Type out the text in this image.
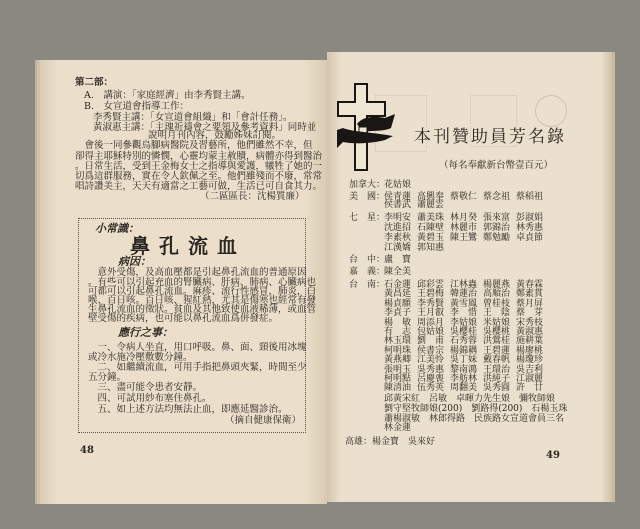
第二部：
A.　講演：「家庭經濟」由李秀賢主講。
B.　女宣道會指導工作：
李秀賢主講：「女宣道會組織」和「會計任務」。
黃淑惠主講：「主瑰祈禱會之要領及參考資料」同時並
說明月刊內容，鼓勵姊妹訂閱。
　會後一同參觀烏腳病醫院及習藝所，他們雖然不幸，但
卻得主耶穌特別的憐憫，心靈均蒙主赦贖，病體亦得到醫治
。日常生活，受到王金梅女士之指導與愛護，犧牲了她的一
切爲這群服務，實在令人欽佩之至。他們雖殘而不廢，常常
唱詩讚美主，天天有適當之工藝可做，生活已可自食其力。
（二區區長：沈楊質廉）
小常識：
鼻孔流血
病因：
　意外受傷，及高血壓都是引起鼻孔流血的普通原因
。有些可以引起充血的腎臟病、肝病、肺病、心臟病也
可都可以引起鼻孔流血。麻疹、流行性感冒，肺炎，白
喉、百日咳。百日咳、猩紅熱，尤其是傷寒也經常有發
生鼻孔流血的徵狀。貧血及其他致使血液稀薄，或血管
壁受傷的疾病，也可能以鼻孔流血爲併發症。
應行之事：
　一、令病人坐直，用口呼吸。鼻、面、頸後用冰塊
或冷水施冷壓敷數分鐘。
　二、如繼續流血，可用手指把鼻頭夾緊，時間至少
五分鐘。
　三、盡可能令患者安靜。
　四、可試用紗布塞住鼻孔。
　五、如上述方法均無法止血，即應延醫診治。
（摘自健康保衛）
48
本刊贊助員芳名錄
（每名奉獻新台幣壹百元）
加拿大：
花姑娘
美　國：
侯青蓮 高興奉 蔡敬仁 蔡念祖 蔡稻祖
侯書武 蕭麗雲
七　星：
李明安 蕭美珠 林月癸 張來富 彭淑娟
沈進招 石陳壁 林麗市 郭錦治 林秀惠
李素秋 黃碧玉 陳王鸞 鄭勉勵 卓貞節
江漢嬌 郭知惠
台　中：
盧　寶
嘉　義：
陳全美
台　南：
石金蓮 邱彩雲 江林蟲 楊麗燕 黃春霖
黃昌延 王碧梅 韓蓮治 高順治 鄭素貫
楊貞願 李秀賢 黃雪鳳 曾桂枝 蔡月屏
李貞子 王月叡 李　惜 王　陰 蔡　芽
楊　敏 周添月 李姑娘 米姑娘 宋秀枝
有　志 包姑娘 吳櫻桂 吳櫻桃 黃淑惠
林玉環 劉　甫 石秀蓉 洪鶯桂 施耕葉
柯明珠 侯書宗 楊錦耦 王碧蓮 楊廖桃
黃燕卿 江美怜 吳丁妹 戴春帆 楊瓊珍
張明玉 吳秀惠 黎南鴻 王環治 吳吉利
柯明點 呂慶喪 李舫林 洪純子 江淑麗
陳清油 伍秀英 周翻美 吳秀圓 許　廿
邱黃宋紅　呂敏　卓暉力先生娘　彌牧師娘
劉守堅牧師娘(200)　劉路得(200)　石楊玉珠
蕭楊淑敏　林郎得路　民族路女宣道會員三名
林金蓮
高雄： 楊金寶　吳來好
49
